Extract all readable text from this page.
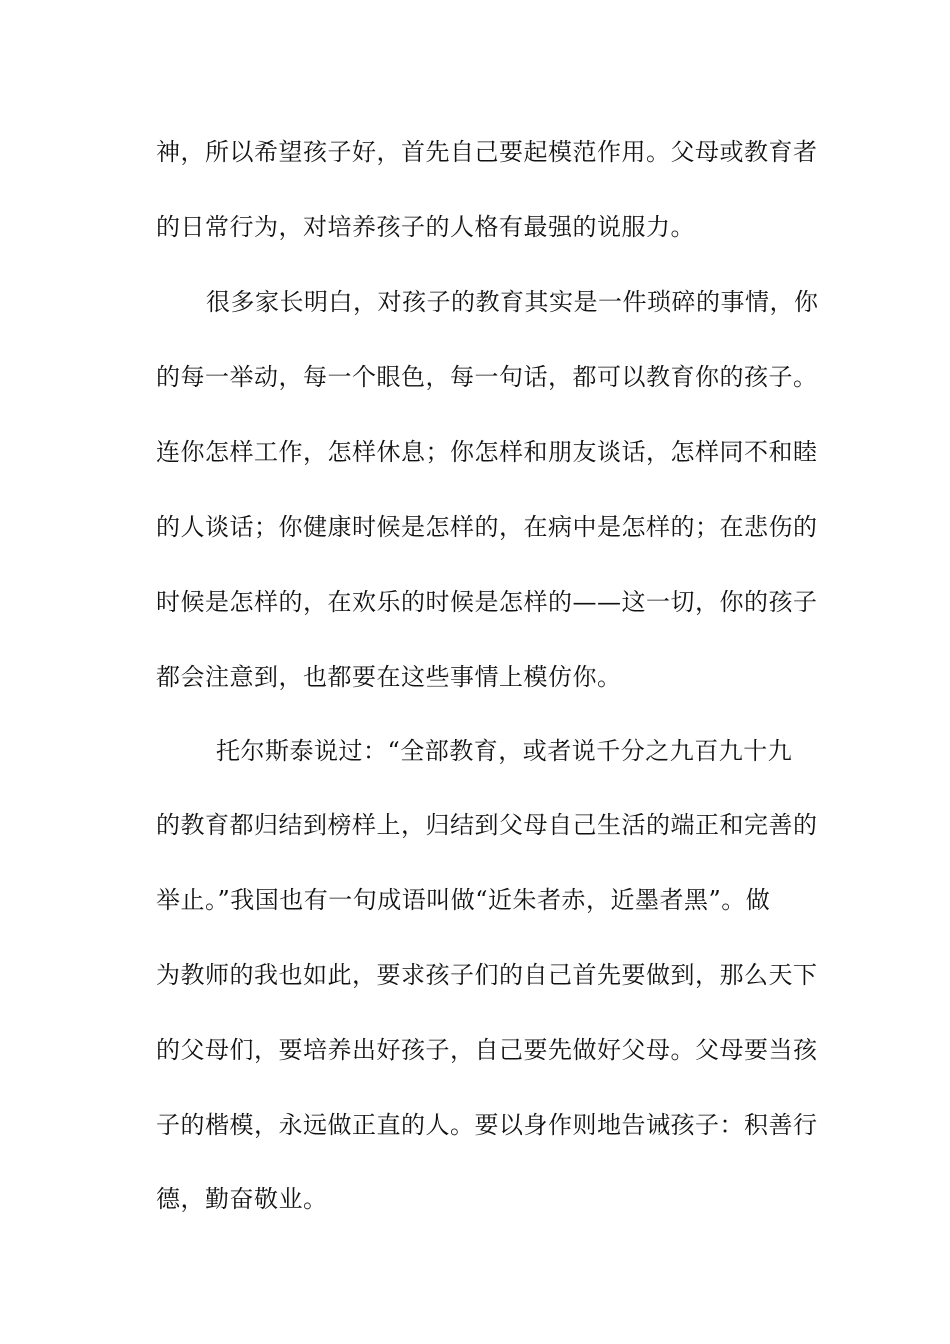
神，所以希望孩子好，首先自己要起模范作用。父母或教育者
的日常行为，对培养孩子的人格有最强的说服力。
很多家长明白，对孩子的教育其实是一件琐碎的事情，你
的每一举动，每一个眼色，每一句话，都可以教育你的孩子。
连你怎样工作，怎样休息；你怎样和朋友谈话，怎样同不和睦
的人谈话；你健康时候是怎样的，在病中是怎样的；在悲伤的
时候是怎样的，在欢乐的时候是怎样的——这一切，你的孩子
都会注意到，也都要在这些事情上模仿你。
托尔斯泰说过：“全部教育，或者说千分之九百九十九
的教育都归结到榜样上，归结到父母自己生活的端正和完善的
举止。”我国也有一句成语叫做“近朱者赤，近墨者黑”。做
为教师的我也如此，要求孩子们的自己首先要做到，那么天下
的父母们，要培养出好孩子，自己要先做好父母。父母要当孩
子的楷模，永远做正直的人。要以身作则地告诫孩子：积善行
德，勤奋敬业。
